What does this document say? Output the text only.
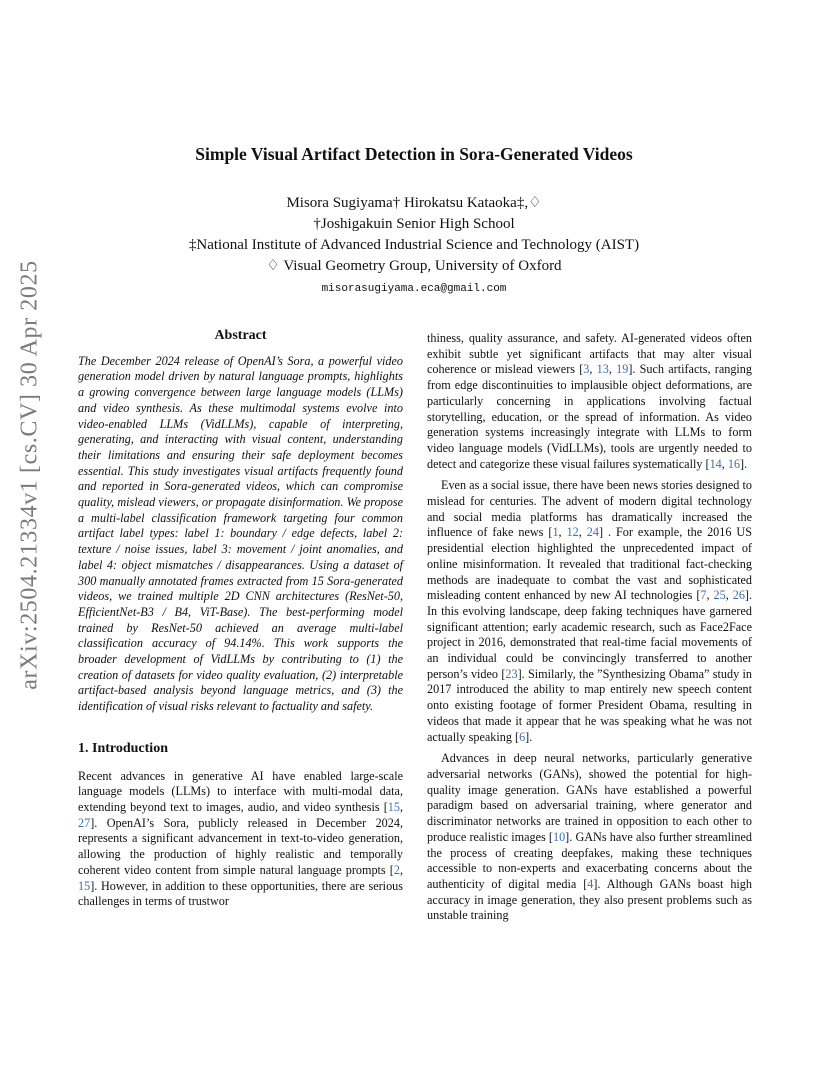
arXiv:2504.21334v1 [cs.CV] 30 Apr 2025
Simple Visual Artifact Detection in Sora-Generated Videos
Misora Sugiyama† Hirokatsu Kataoka‡,♢
†Joshigakuin Senior High School
‡National Institute of Advanced Industrial Science and Technology (AIST)
♢ Visual Geometry Group, University of Oxford
misorasugiyama.eca@gmail.com
Abstract

The December 2024 release of OpenAI’s Sora, a powerful video generation model driven by natural language prompts, highlights a growing convergence between large language models (LLMs) and video synthesis. As these multimodal systems evolve into video-enabled LLMs (VidLLMs), capable of interpreting, generating, and interacting with visual content, understanding their limitations and ensuring their safe deployment becomes essential. This study investigates visual artifacts frequently found and reported in Sora-generated videos, which can compromise quality, mislead viewers, or propagate disinformation. We propose a multi-label classification framework targeting four common artifact label types: label 1: boundary / edge defects, label 2: texture / noise issues, label 3: movement / joint anomalies, and label 4: object mismatches / disappearances. Using a dataset of 300 manually annotated frames extracted from 15 Sora-generated videos, we trained multiple 2D CNN architectures (ResNet-50, EfficientNet-B3 / B4, ViT-Base). The best-performing model trained by ResNet-50 achieved an average multi-label classification accuracy of 94.14%. This work supports the broader development of VidLLMs by contributing to (1) the creation of datasets for video quality evaluation, (2) interpretable artifact-based analysis beyond language metrics, and (3) the identification of visual risks relevant to factuality and safety.

1. Introduction

Recent advances in generative AI have enabled large-scale language models (LLMs) to interface with multi-modal data, extending beyond text to images, audio, and video synthesis [15, 27]. OpenAI’s Sora, publicly released in December 2024, represents a significant advancement in text-to-video generation, allowing the production of highly realistic and temporally coherent video content from simple natural language prompts [2, 15]. However, in addition to these opportunities, there are serious challenges in terms of trustwor

thiness, quality assurance, and safety. AI-generated videos often exhibit subtle yet significant artifacts that may alter visual coherence or mislead viewers [3, 13, 19]. Such artifacts, ranging from edge discontinuities to implausible object deformations, are particularly concerning in applications involving factual storytelling, education, or the spread of information. As video generation systems increasingly integrate with LLMs to form video language models (VidLLMs), tools are urgently needed to detect and categorize these visual failures systematically [14, 16].

Even as a social issue, there have been news stories designed to mislead for centuries. The advent of modern digital technology and social media platforms has dramatically increased the influence of fake news [1, 12, 24] . For example, the 2016 US presidential election highlighted the unprecedented impact of online misinformation. It revealed that traditional fact-checking methods are inadequate to combat the vast and sophisticated misleading content enhanced by new AI technologies [7, 25, 26]. In this evolving landscape, deep faking techniques have garnered significant attention; early academic research, such as Face2Face project in 2016, demonstrated that real-time facial movements of an individual could be convincingly transferred to another person’s video [23]. Similarly, the ”Synthesizing Obama” study in 2017 introduced the ability to map entirely new speech content onto existing footage of former President Obama, resulting in videos that made it appear that he was speaking what he was not actually speaking [6].

Advances in deep neural networks, particularly generative adversarial networks (GANs), showed the potential for high-quality image generation. GANs have established a powerful paradigm based on adversarial training, where generator and discriminator networks are trained in opposition to each other to produce realistic images [10]. GANs have also further streamlined the process of creating deepfakes, making these techniques accessible to non-experts and exacerbating concerns about the authenticity of digital media [4]. Although GANs boast high accuracy in image generation, they also present problems such as unstable training
